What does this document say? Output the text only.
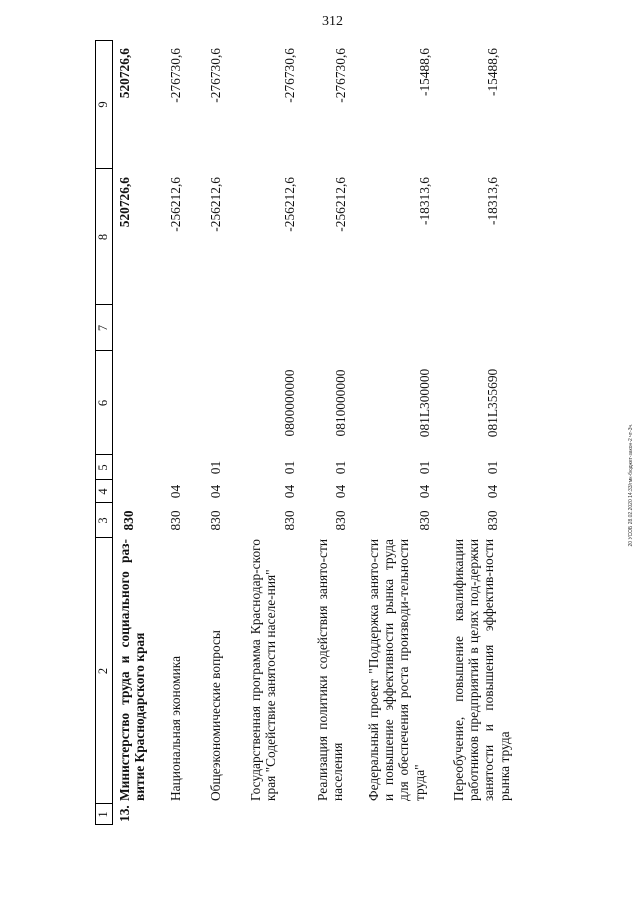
312
20 УСОБ 28.02.2020 14:33/гмк-бюджет-закон-2 чт-3ч.
1
2
3
4
5
6
7
8
9
13.
Министерство труда и социального раз-витие Краснодарского края
830
520726,6
520726,6
Национальная экономика
830
04
-256212,6
-276730,6
Общеэкономические вопросы
830
04
01
-256212,6
-276730,6
Государственная программа Краснодар-ского края "Содействие занятости населе-ния"
830
04
01
0800000000
-256212,6
-276730,6
Реализация политики содействия занято-сти населения
830
04
01
0810000000
-256212,6
-276730,6
Федеральный проект "Поддержка занято-сти и повышение эффективности рынка труда для обеспечения роста производи-тельности труда"
830
04
01
081L300000
-18313,6
-15488,6
Переобучение, повышение квалификации работников предприятий в целях под-держки занятости и повышения эффектив-ности рынка труда
830
04
01
081L355690
-18313,6
-15488,6
